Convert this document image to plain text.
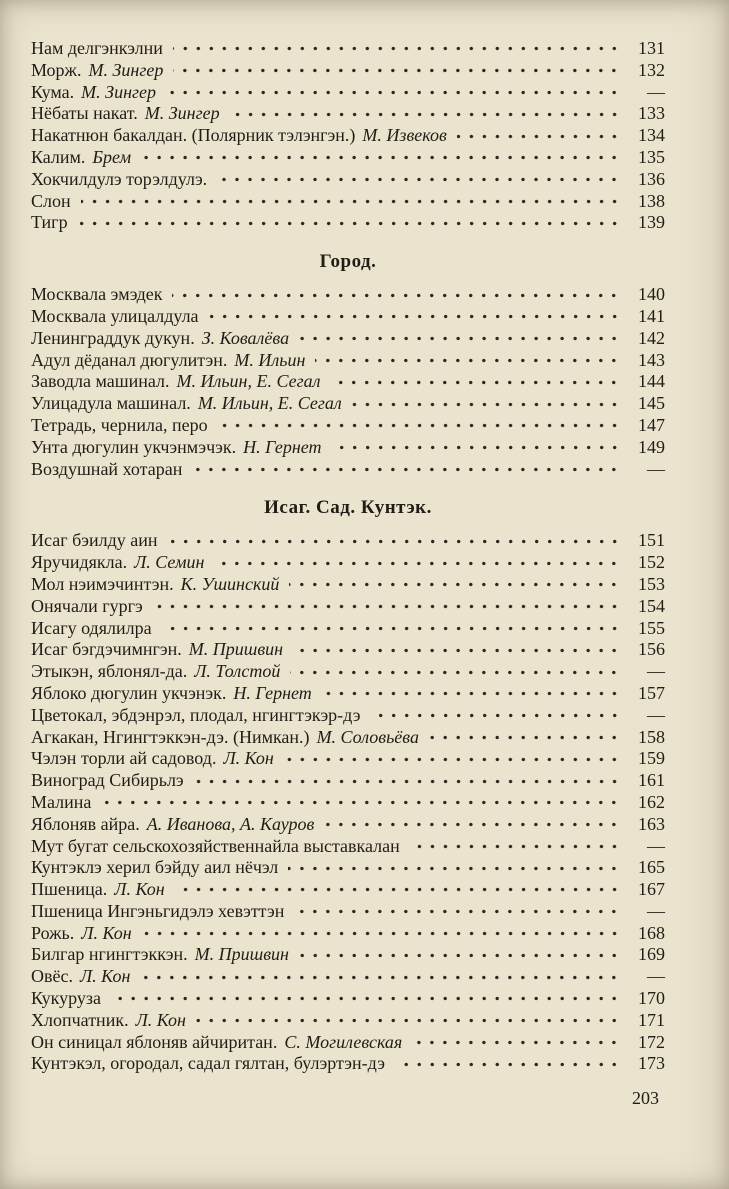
Нам делгэнкэлни	131
Морж. М. Зингер	132
Кума. М. Зингер	—
Нёбаты накат. М. Зингер	133
Накатнюн бакалдан. (Полярник тэлэнгэн.) М. Извеков	134
Калим. Брем	135
Хокчилдулэ торэлдулэ.	136
Слон	138
Тигр	139
Город.
Москвала эмэдек	140
Москвала улицалдула	141
Ленинграддук дукун. З. Ковалёва	142
Адул дёданал дюгулитэн. М. Ильин	143
Заводла машинал. М. Ильин, Е. Сегал	144
Улицадула машинал. М. Ильин, Е. Сегал	145
Тетрадь, чернила, перо	147
Унта дюгулин укчэнмэчэк. Н. Гернет	149
Воздушнай хотаран	—
Исаг. Сад. Кунтэк.
Исаг бэилду аин	151
Яручидякла. Л. Семин	152
Мол нэимэчинтэн. К. Ушинский	153
Онячали гургэ	154
Исагу одялилра	155
Исаг бэгдэчимнгэн. М. Пришвин	156
Этыкэн, яблонял-да. Л. Толстой	—
Яблоко дюгулин укчэнэк. Н. Гернет	157
Цветокал, эбдэнрэл, плодал, нгингтэкэр-дэ	—
Агкакан, Нгингтэккэн-дэ. (Нимкан.) М. Соловьёва	158
Чэлэн торли ай садовод. Л. Кон	159
Виноград Сибирьлэ	161
Малина	162
Яблоняв айра. А. Иванова, А. Кауров	163
Мут бугат сельскохозяйственнайла выставкалан	—
Кунтэклэ херил бэйду аил нёчэл	165
Пшеница. Л. Кон	167
Пшеница Ингэньгидэлэ хевэттэн	—
Рожь. Л. Кон	168
Билгар нгингтэккэн. М. Пришвин	169
Овёс. Л. Кон	—
Кукуруза	170
Хлопчатник. Л. Кон	171
Он синицал яблоняв айчиритан. С. Могилевская	172
Кунтэкэл, огородал, садал гялтан, булэртэн-дэ	173
203
